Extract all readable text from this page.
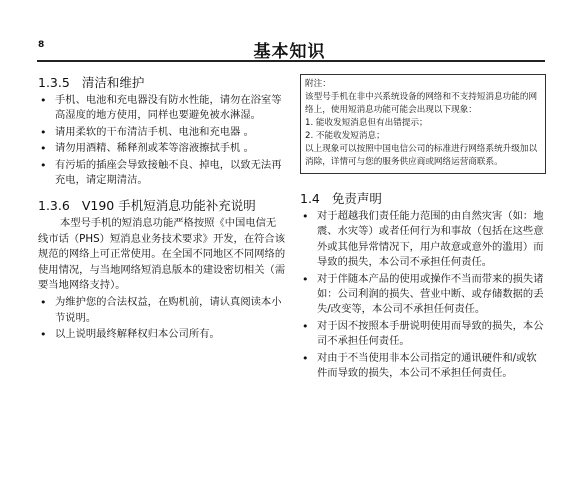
8	基本知识
1.3.5 清洁和维护
• 手机、电池和充电器没有防水性能，请勿在浴室等高湿度的地方使用，同样也要避免被水淋湿。
• 请用柔软的干布清洁手机、电池和充电器 。
• 请勿用酒精、稀释剂或苯等溶液擦拭手机 。
• 有污垢的插座会导致接触不良、掉电，以致无法再充电，请定期清洁。
1.3.6 V190 手机短消息功能补充说明

本型号手机的短消息功能严格按照《中国电信无线市话（PHS）短消息业务技术要求》开发，在符合该规范的网络上可正常使用。在全国不同地区不同网络的使用情况，与当地网络短消息版本的建设密切相关（需要当地网络支持）。

• 为维护您的合法权益，在购机前，请认真阅读本小节说明。
• 以上说明最终解释权归本公司所有。
附注：
该型号手机在非中兴系统设备的网络和不支持短消息功能的网络上，使用短消息功能可能会出现以下现象：
1. 能收发短消息但有出错提示；
2. 不能收发短消息；
以上现象可以按照中国电信公司的标准进行网络系统升级加以消除，详情可与您的服务供应商或网络运营商联系。
1.4 免责声明
• 对于超越我们责任能力范围的由自然灾害（如：地震、水灾等）或者任何行为和事故（包括在这些意外或其他异常情况下，用户故意或意外的滥用）而导致的损失，本公司不承担任何责任。
• 对于伴随本产品的使用或操作不当而带来的损失诸如：公司利润的损失、营业中断、或存储数据的丢失/改变等，本公司不承担任何责任。
• 对于因不按照本手册说明使用而导致的损失，本公司不承担任何责任。
• 对由于不当使用非本公司指定的通讯硬件和/或软件而导致的损失，本公司不承担任何责任。
